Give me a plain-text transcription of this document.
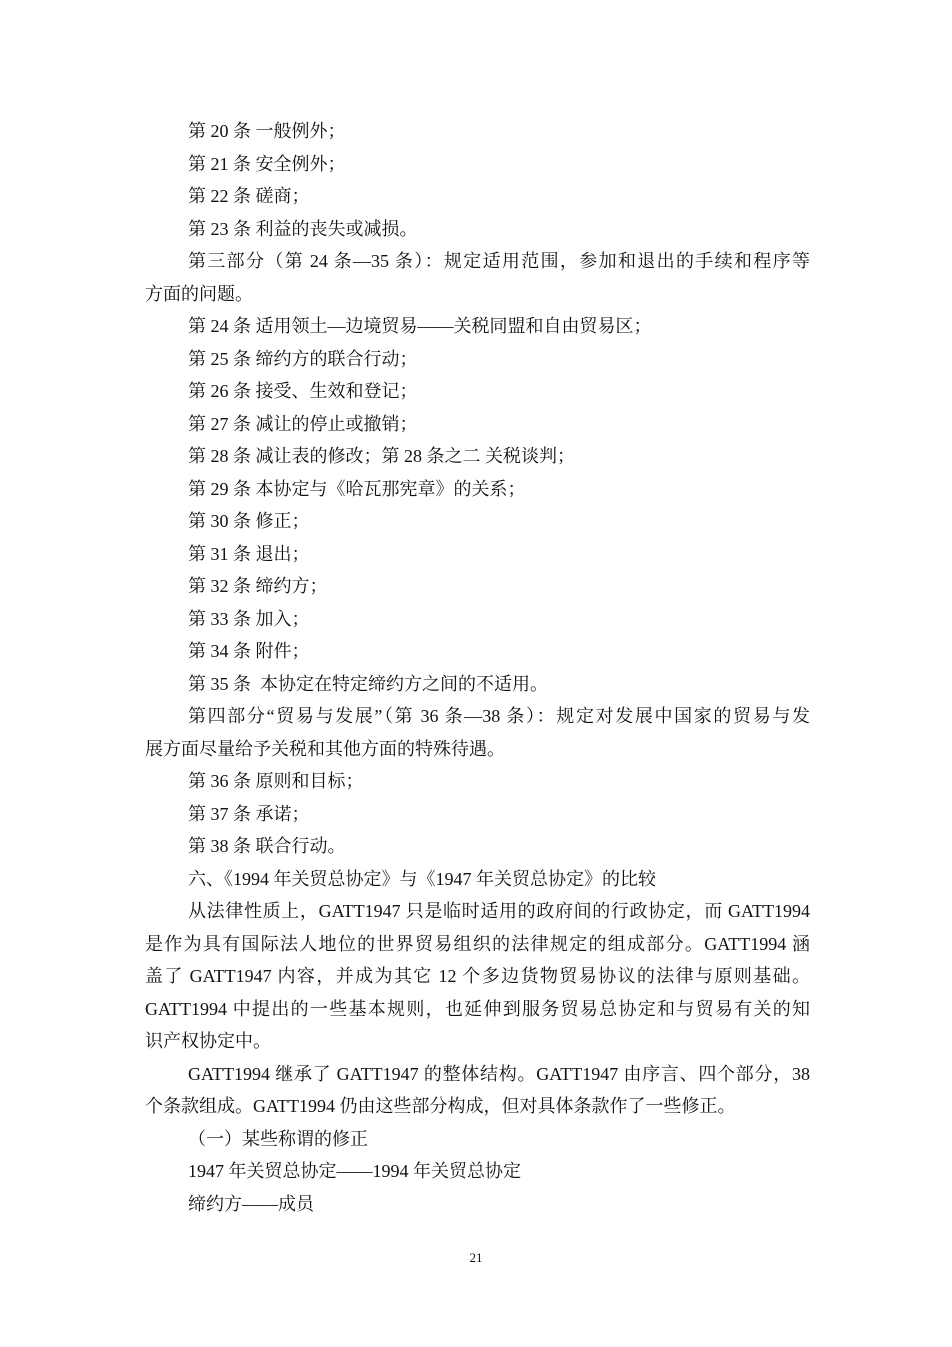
第 20 条 一般例外；
第 21 条 安全例外；
第 22 条 磋商；
第 23 条 利益的丧失或减损。
第三部分（第 24 条—35 条）：规定适用范围，参加和退出的手续和程序等
方面的问题。
第 24 条 适用领土—边境贸易——关税同盟和自由贸易区；
第 25 条 缔约方的联合行动；
第 26 条 接受、生效和登记；
第 27 条 减让的停止或撤销；
第 28 条 减让表的修改；第 28 条之二 关税谈判；
第 29 条 本协定与《哈瓦那宪章》的关系；
第 30 条 修正；
第 31 条 退出；
第 32 条 缔约方；
第 33 条 加入；
第 34 条 附件；
第 35 条  本协定在特定缔约方之间的不适用。
第四部分“贸易与发展”（第 36 条—38 条）：规定对发展中国家的贸易与发
展方面尽量给予关税和其他方面的特殊待遇。
第 36 条 原则和目标；
第 37 条 承诺；
第 38 条 联合行动。
六、《1994 年关贸总协定》与《1947 年关贸总协定》的比较
从法律性质上，GATT1947 只是临时适用的政府间的行政协定，而 GATT1994
是作为具有国际法人地位的世界贸易组织的法律规定的组成部分。GATT1994 涵
盖了 GATT1947 内容，并成为其它 12 个多边货物贸易协议的法律与原则基础。
GATT1994 中提出的一些基本规则，也延伸到服务贸易总协定和与贸易有关的知
识产权协定中。
GATT1994 继承了 GATT1947 的整体结构。GATT1947 由序言、四个部分，38
个条款组成。GATT1994 仍由这些部分构成，但对具体条款作了一些修正。
（一）某些称谓的修正
1947 年关贸总协定——1994 年关贸总协定
缔约方——成员
21
